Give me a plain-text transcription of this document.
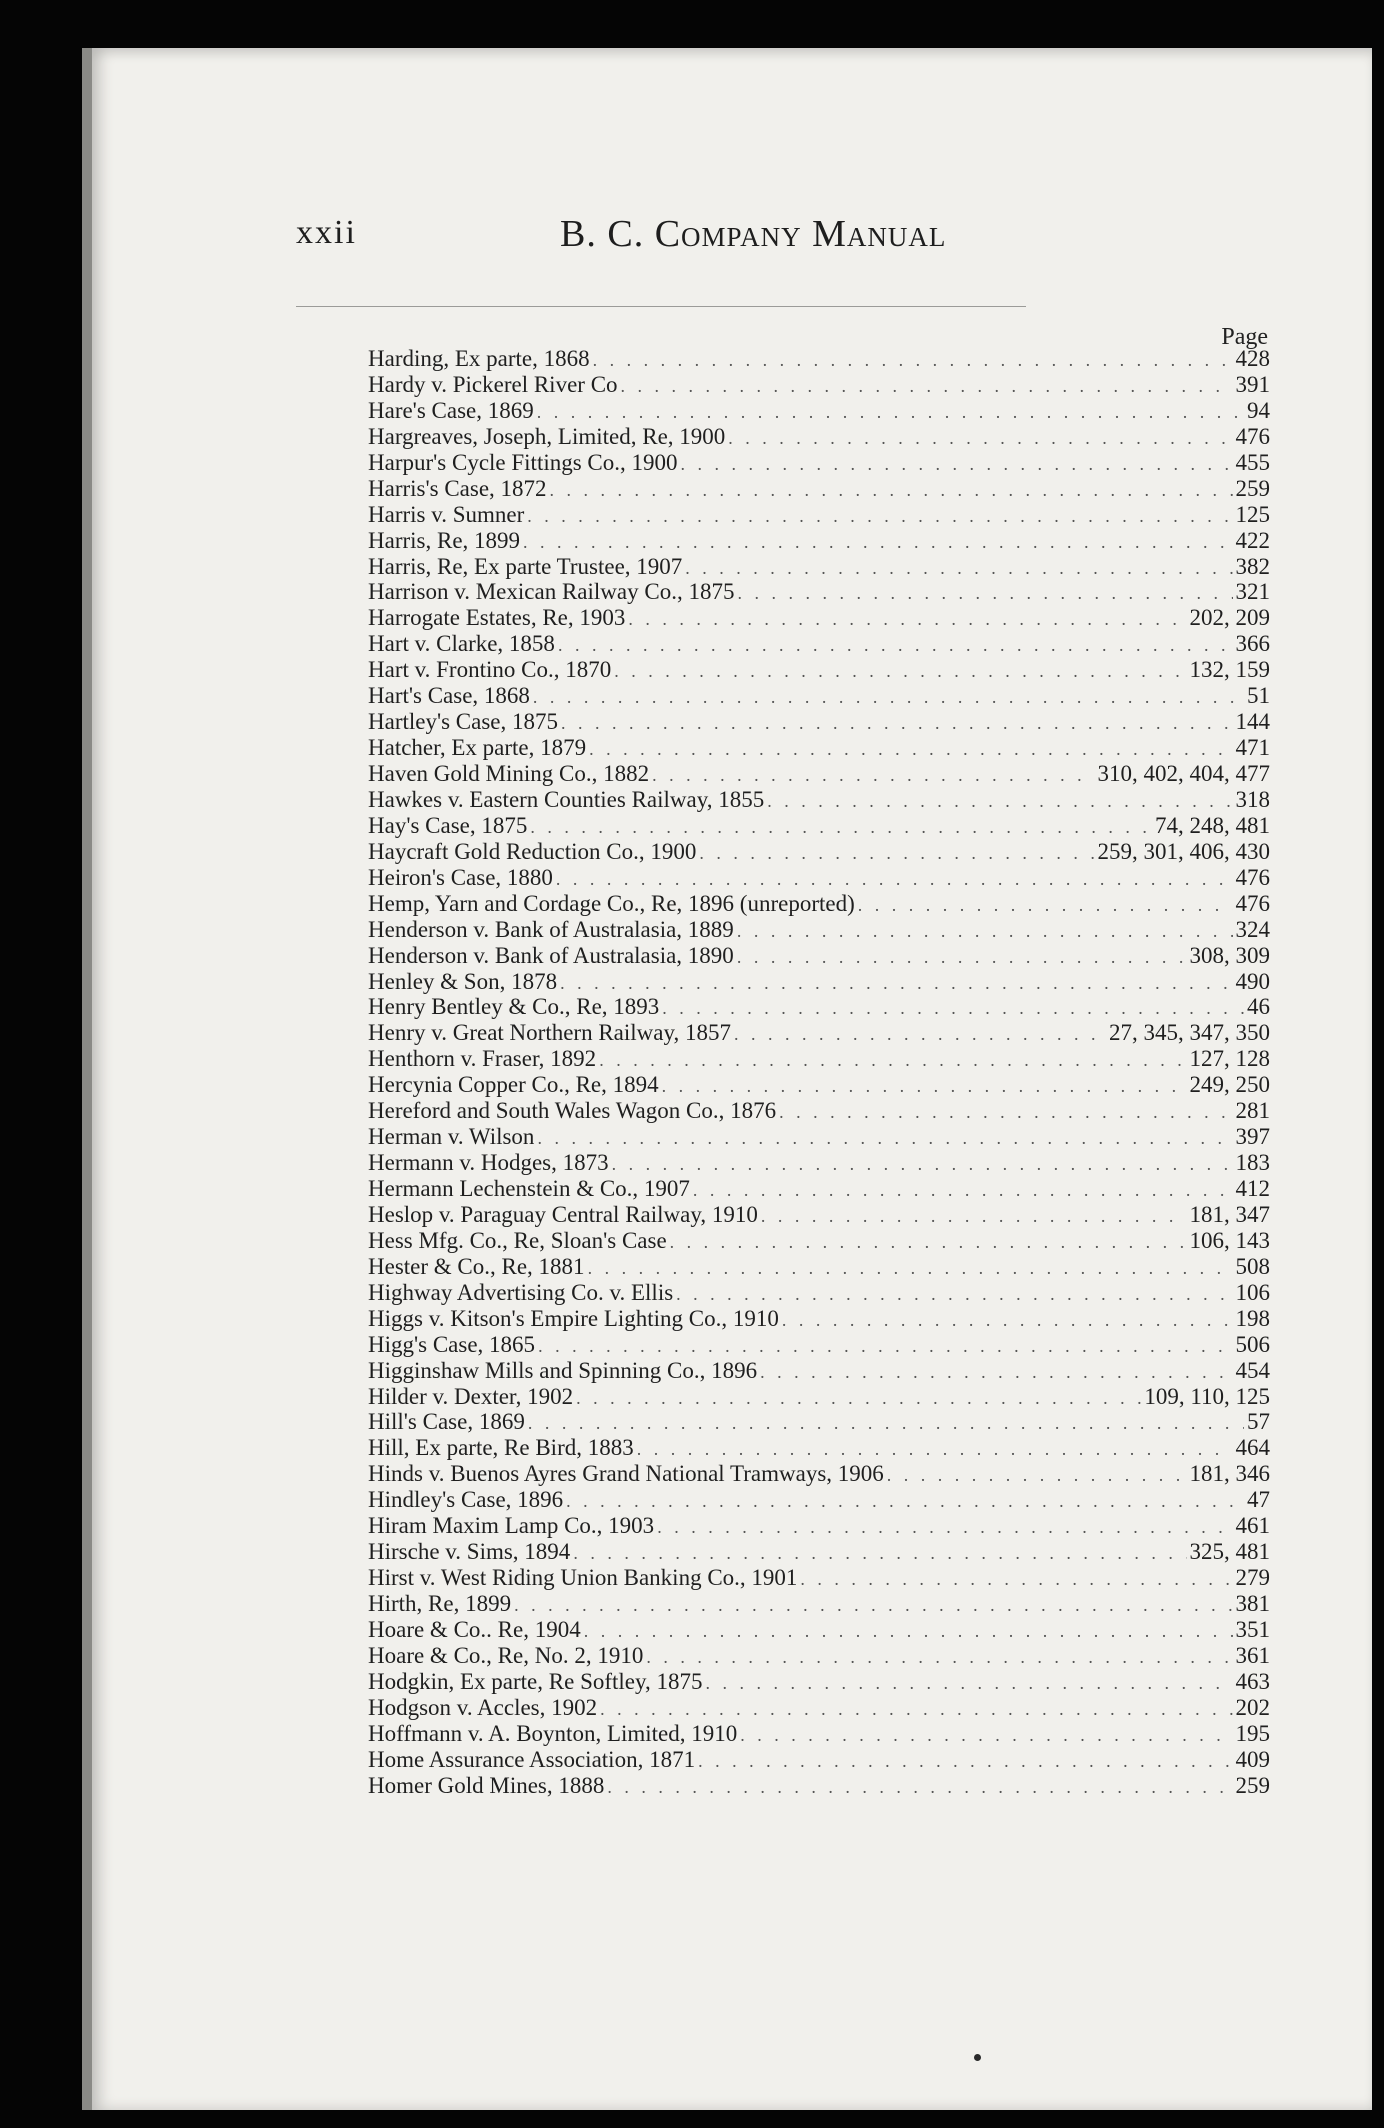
xxii	B. C. Company Manual
Page
Harding, Ex parte, 1868 . . .	428
Hardy v. Pickerel River Co . . .	391
Hare's Case, 1869 . . .	94
Hargreaves, Joseph, Limited, Re, 1900 . . .	476
Harpur's Cycle Fittings Co., 1900 . . .	455
Harris's Case, 1872 . . .	259
Harris v. Sumner . . .	125
Harris, Re, 1899 . . .	422
Harris, Re, Ex parte Trustee, 1907 . . .	382
Harrison v. Mexican Railway Co., 1875 . . .	321
Harrogate Estates, Re, 1903 . . .	202, 209
Hart v. Clarke, 1858 . . .	366
Hart v. Frontino Co., 1870 . . .	132, 159
Hart's Case, 1868 . . .	51
Hartley's Case, 1875 . . .	144
Hatcher, Ex parte, 1879 . . .	471
Haven Gold Mining Co., 1882 . . .	310, 402, 404, 477
Hawkes v. Eastern Counties Railway, 1855 . . .	318
Hay's Case, 1875 . . .	74, 248, 481
Haycraft Gold Reduction Co., 1900 . . .	259, 301, 406, 430
Heiron's Case, 1880 . . .	476
Hemp, Yarn and Cordage Co., Re, 1896 (unreported) . . .	476
Henderson v. Bank of Australasia, 1889 . . .	324
Henderson v. Bank of Australasia, 1890 . . .	308, 309
Henley & Son, 1878 . . .	490
Henry Bentley & Co., Re, 1893 . . .	46
Henry v. Great Northern Railway, 1857 . . .	27, 345, 347, 350
Henthorn v. Fraser, 1892 . . .	127, 128
Hercynia Copper Co., Re, 1894 . . .	249, 250
Hereford and South Wales Wagon Co., 1876 . . .	281
Herman v. Wilson . . .	397
Hermann v. Hodges, 1873 . . .	183
Hermann Lechenstein & Co., 1907 . . .	412
Heslop v. Paraguay Central Railway, 1910 . . .	181, 347
Hess Mfg. Co., Re, Sloan's Case . . .	106, 143
Hester & Co., Re, 1881 . . .	508
Highway Advertising Co. v. Ellis . . .	106
Higgs v. Kitson's Empire Lighting Co., 1910 . . .	198
Higg's Case, 1865 . . .	506
Higginshaw Mills and Spinning Co., 1896 . . .	454
Hilder v. Dexter, 1902 . . .	109, 110, 125
Hill's Case, 1869 . . .	57
Hill, Ex parte, Re Bird, 1883 . . .	464
Hinds v. Buenos Ayres Grand National Tramways, 1906 . . .	181, 346
Hindley's Case, 1896 . . .	47
Hiram Maxim Lamp Co., 1903 . . .	461
Hirsche v. Sims, 1894 . . .	325, 481
Hirst v. West Riding Union Banking Co., 1901 . . .	279
Hirth, Re, 1899 . . .	381
Hoare & Co.. Re, 1904 . . .	351
Hoare & Co., Re, No. 2, 1910 . . .	361
Hodgkin, Ex parte, Re Softley, 1875 . . .	463
Hodgson v. Accles, 1902 . . .	202
Hoffmann v. A. Boynton, Limited, 1910 . . .	195
Home Assurance Association, 1871 . . .	409
Homer Gold Mines, 1888 . . .	259
